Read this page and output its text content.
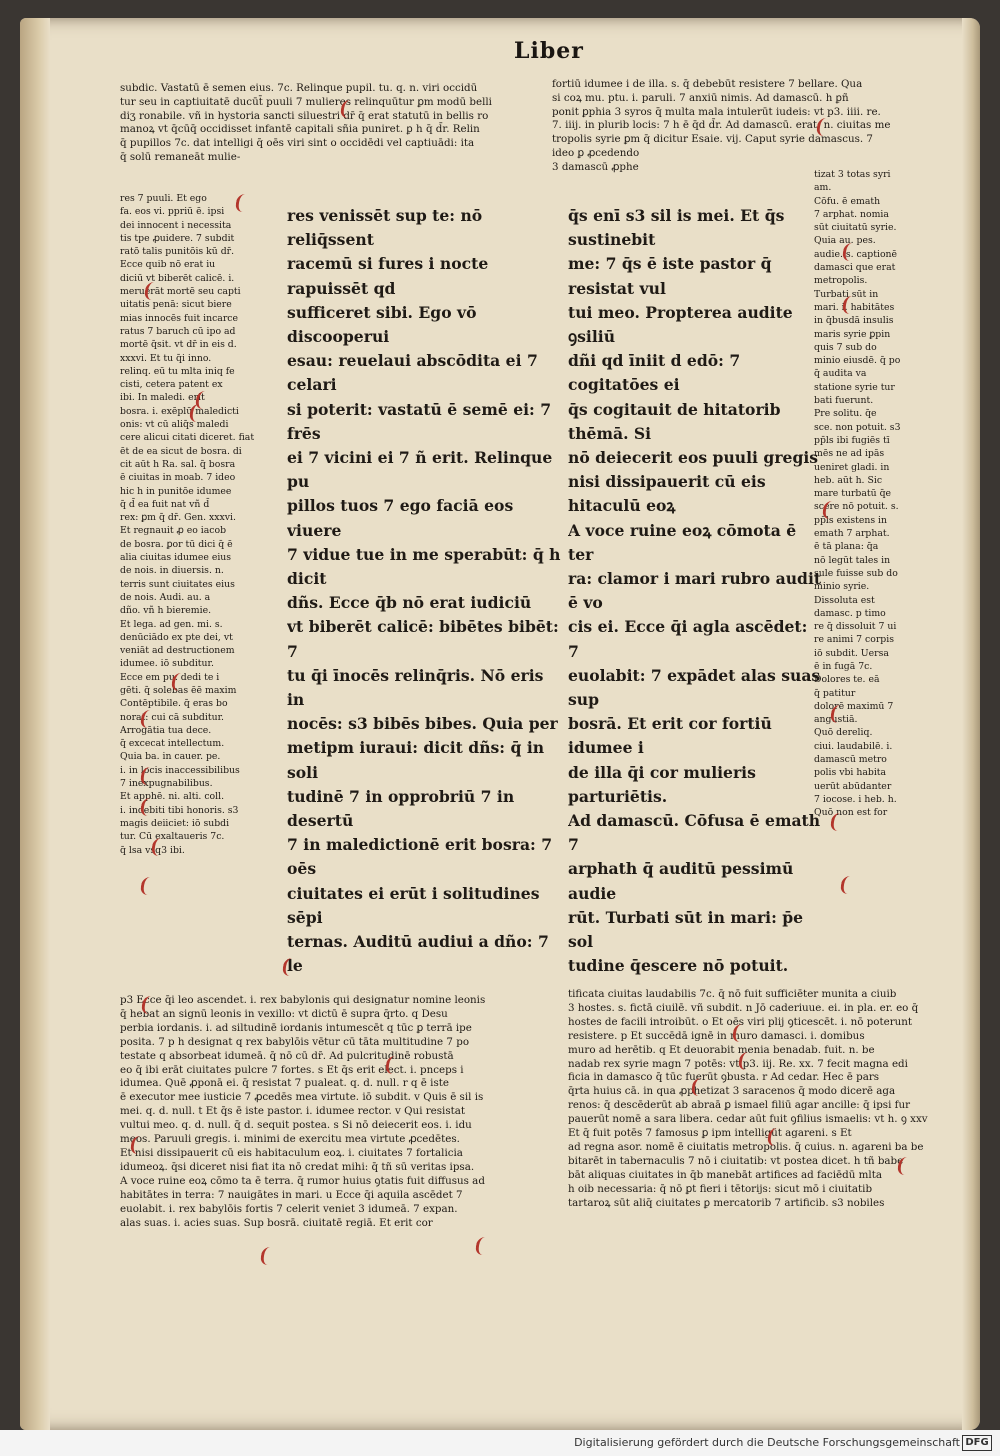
Liber
subdic. Vastatū ē semen eius. 7c. Relinque pupil. tu. q. n. viri occidū
tur seu in captiuitatē ducūt̄ puuli 7 mulieres relinquūtur ꝑm modū belli
diʒ ronabile. vñ in hystoria sancti siluestri dr̄ q̄ erat statutū in bellis ro
manoꝝ vt q̄cūq̄ occidisset infantē capitali sñia puniret. ꝑ h q̄ d̄r. Relin
q̄ pupillos 7c. dat intelligi q̄ oēs viri sint o occidēdi vel captiuādi: ita
q̄ solū remaneāt mulie-
fortiū idumee i de illa. s. q̄ debebūt resistere 7 bellare. Qua
si coꝝ mu. ptu. i. paruli. 7 anxiū nimis. Ad damascū. h ꝑñ
ponit ꝑphia 3 syros q̄ multa mala intulerūt iudeis: vt p3. iiii. re.
7. iiij. in plurib locis: 7 h ē q̄d d̄r. Ad damascū. erat. n. ciuitas me
tropolis syrie ꝑm q̄ dicitur Esaie. vij. Caput syrie damascus. 7
ideo ꝑ ꝓcedendo
3 damascū ꝓphe
res 7 puuli. Et ego
fa. eos vi. ppriū ē. ipsi
dei innocent i necessita
tis tpe ꝓuidere. 7 subdit
ratō talis punitōis kū dr̄.
Ecce quib nō erat iu
diciū vt biberēt calicē. i.
meruerāt mortē seu capti
uitatis penā: sicut biere
mias innocēs fuit incarce
ratus 7 baruch cū ipo ad
mortē q̄sit. vt dr̄ in eis d.
xxxvi. Et tu q̄i inno.
relinq. eū tu mlta iniq fe
cisti, cetera patent ex
ibi. In maledi. erit
bosra. i. exēplū maledicti
onis: vt cū aliq̄s maledi
cere alicui citati diceret. fiat
ēt de ea sicut de bosra. di
cit aūt h Ra. sal. q̄ bosra
ē ciuitas in moab. 7 ideo
hic h in punitōe idumee
q̄ d̄ ea fuit nat vñ d̄
rex: ꝑm q̄ dr̄. Gen. xxxvi.
Et regnauit ꝓ eo iacob
de bosra. ꝑor tū dici q̄ ē
alia ciuitas idumee eius
de nois. in diuersis. n.
terris sunt ciuitates eius
de nois. Audi. au. a
dño. vñ h bieremie.
Et lega. ad gen. mi. s.
denūciādo ex pte dei, vt
veniāt ad destructionem
idumee. iō subditur.
Ecce em pu. dedi te i
gēti. q̄ solebas ēē maxim
Contēptibile. q̄ eras bo
norat: cui cā subditur.
Arrogātia tua dece.
q̄ excecat intellectum.
Quia ba. in cauer. pe.
i. in locis inaccessibilibus
7 inexpugnabilibus.
Et apphē. ni. alti. coll.
i. indebiti tibi honoris. s3
magis deiiciet: iō subdi
tur. Cū exaltaueris 7c.
q̄ lsa vsq3 ibi.
res venissēt sup te: nō reliq̄ssent
racemū si fures i nocte rapuissēt qd
sufficeret sibi. Ego vō discooperui
esau: reuelaui abscōdita ei 7 celari
si poterit: vastatū ē semē ei: 7 frēs
ei 7 vicini ei 7 ñ erit. Relinque pu
pillos tuos 7 ego faciā eos viuere
7 vidue tue in me sperabūt: q̄ h dicit
dñs. Ecce q̄b nō erat iudiciū
vt biberēt calicē: bibētes bibēt: 7
tu q̄i īnocēs relinq̄ris. Nō eris in
nocēs: s3 bibēs bibes. Quia per
metipm iuraui: dicit dñs: q̄ in soli
tudinē 7 in opprobriū 7 in desertū
7 in maledictionē erit bosra: 7 oēs
ciuitates ei erūt i solitudines sēpi
ternas. Auditū audiui a dño: 7 le

q̄s enī s3 sil is mei. Et q̄s sustinebit
me: 7 q̄s ē iste pastor q̄ resistat vul
tui meo. Propterea audite ꝯsiliū
dñi qd īniit d edō: 7 cogitatōes ei
q̄s cogitauit de hitatorib thēmā. Si
nō deiecerit eos puuli gregis
nisi dissipauerit cū eis hitaculū eoꝝ
A voce ruine eoꝝ cōmota ē ter
ra: clamor i mari rubro audit ē vo
cis ei. Ecce q̄i agla ascēdet: 7
euolabit: 7 expādet alas suas sup
bosrā. Et erit cor fortiū idumee i
de illa q̄i cor mulieris parturiētis.
Ad damascū. Cōfusa ē emath 7
arphath q̄ auditū pessimū audie
rūt. Turbati sūt in mari: p̄e sol
tudine q̄escere nō potuit.

tizat 3 totas syri
am.
Cōfu. ē emath
7 arphat. nomia
sūt ciuitatū syrie.
Quia au. pes.
audie. s. captionē
damasci que erat
metropolis.
Turbati sūt in
mari. i. habitātes
in q̄busdā insulis
maris syrie ꝑpin
quis 7 sub do
minio eiusdē. q̄ po
q̄ audita va
statione syrie tur
bati fuerunt.
Pre solitu. q̄e
sce. non potuit. s3
pp̄ls ibi fugiēs tī
mēs ne ad ipās
ueniret gladi. in
heb. aūt h. Sic
mare turbatū q̄e
scere nō potuit. s.
pp̄ls existens in
emath 7 arphat.
ē tā plana: q̄a
nō legūt tales in
sule fuisse sub do
minio syrie.
Dissoluta est
damasc. p timo
re q̄ dissoluit 7 ui
re animi 7 corpis
iō subdit. Uersa
ē in fugā 7c.
Dolores te. eā
q̄ patitur
dolorē maximū 7
angustiā.
Quō dereliq.
ciui. laudabilē. i.
damascū metro
polis vbi habita
uerūt abūdanter
7 iocose. i heb. h.
Quō non est for
p3 Ecce q̄i leo ascendet. i. rex babylonis qui designatur nomine leonis
q̄ hebat an signū leonis in vexillo: vt dictū ē supra q̄rto. q Desu
perbia iordanis. i. ad siltudinē iordanis intumescēt q tūc ꝑ terrā ipe
posita. 7 p h designat q rex babylōis vētur cū tāta multitudine 7 po
testate q absorbeat idumeā. q̄ nō cū dr̄. Ad pulcritudinē robustā
eo q̄ ibi erāt ciuitates pulcre 7 fortes. s Et q̄s erit elect. i. pnceps i
idumea. Quē ꝓponā ei. q̄ resistat 7 pualeat. q. d. null. r q ē iste
ē executor mee iusticie 7 ꝓcedēs mea virtute. iō subdit. v Quis ē sil is
mei. q. d. null. t Et q̄s ē iste pastor. i. idumee rector. v Qui resistat
vultui meo. q. d. null. q̄ d. sequit postea. s Si nō deiecerit eos. i. idu
meos. Paruuli gregis. i. minimi de exercitu mea virtute ꝓcedētes.
Et nisi dissipauerit cū eis habitaculum eoꝝ. i. ciuitates 7 fortalicia
idumeoꝝ. q̄si diceret nisi fiat ita nō credat mihi: q̄ tñ sū veritas ipsa.
A voce ruine eoꝝ cōmo ta ē terra. q̄ rumor huius ꝯtatis fuit diffusus ad
habitātes in terra: 7 nauigātes in mari. u Ecce q̄i aquila ascēdet 7
euolabit. i. rex babylōis fortis 7 celerit veniet 3 idumeā. 7 expan.
alas suas. i. acies suas. Sup bosrā. ciuitatē regiā. Et erit cor
tificata ciuitas laudabilis 7c. q̄ nō fuit sufficiēter munita a ciuib
3 hostes. s. fictā ciuilē. vñ subdit. n Jō caderiuue. ei. in pla. er. eo q̄
hostes de facili introibūt. o Et oēs viri plij ꝯticescēt. i. nō poterunt
resistere. p Et succēdā ignē in muro damasci. i. domibus
muro ad herētib. q Et deuorabit menia benadab. fuit. n. be
nadab rex syrie magn 7 potēs: vt p3. iij. Re. xx. 7 fecit magna edi
ficia in damasco q̄ tūc fuerūt ꝯbusta. r Ad cedar. Hec ē pars
q̄rta huius cā. in qua ꝓphetizat 3 saracenos q̄ modo dicerē aga
renos: q̄ descēderūt ab abraā ꝑ ismael filiū agar ancille: q̄ ipsi fur
pauerūt nomē a sara libera. cedar aūt fuit ꝯfilius ismaelis: vt h. ꝯ xxv
Et q̄ fuit potēs 7 famosus ꝑ ipm intelligūt agareni. s Et
ad regna asor. nomē ē ciuitatis metropolis. q̄ cuius. n. agareni ba be
bitarēt in tabernaculis 7 nō i ciuitatib: vt postea dicet. h tñ babe
bāt aliquas ciuitates in q̄b manebāt artifices ad faciēdū mlta
h oib necessaria: q̄ nō ꝑt fieri i tētorijs: sicut mō i ciuitatib
tartaroꝝ sūt aliq̄ ciuitates ꝑ mercatorib 7 artificib. s3 nobiles
Digitalisierung gefördert durch die Deutsche Forschungsgemeinschaft DFG
